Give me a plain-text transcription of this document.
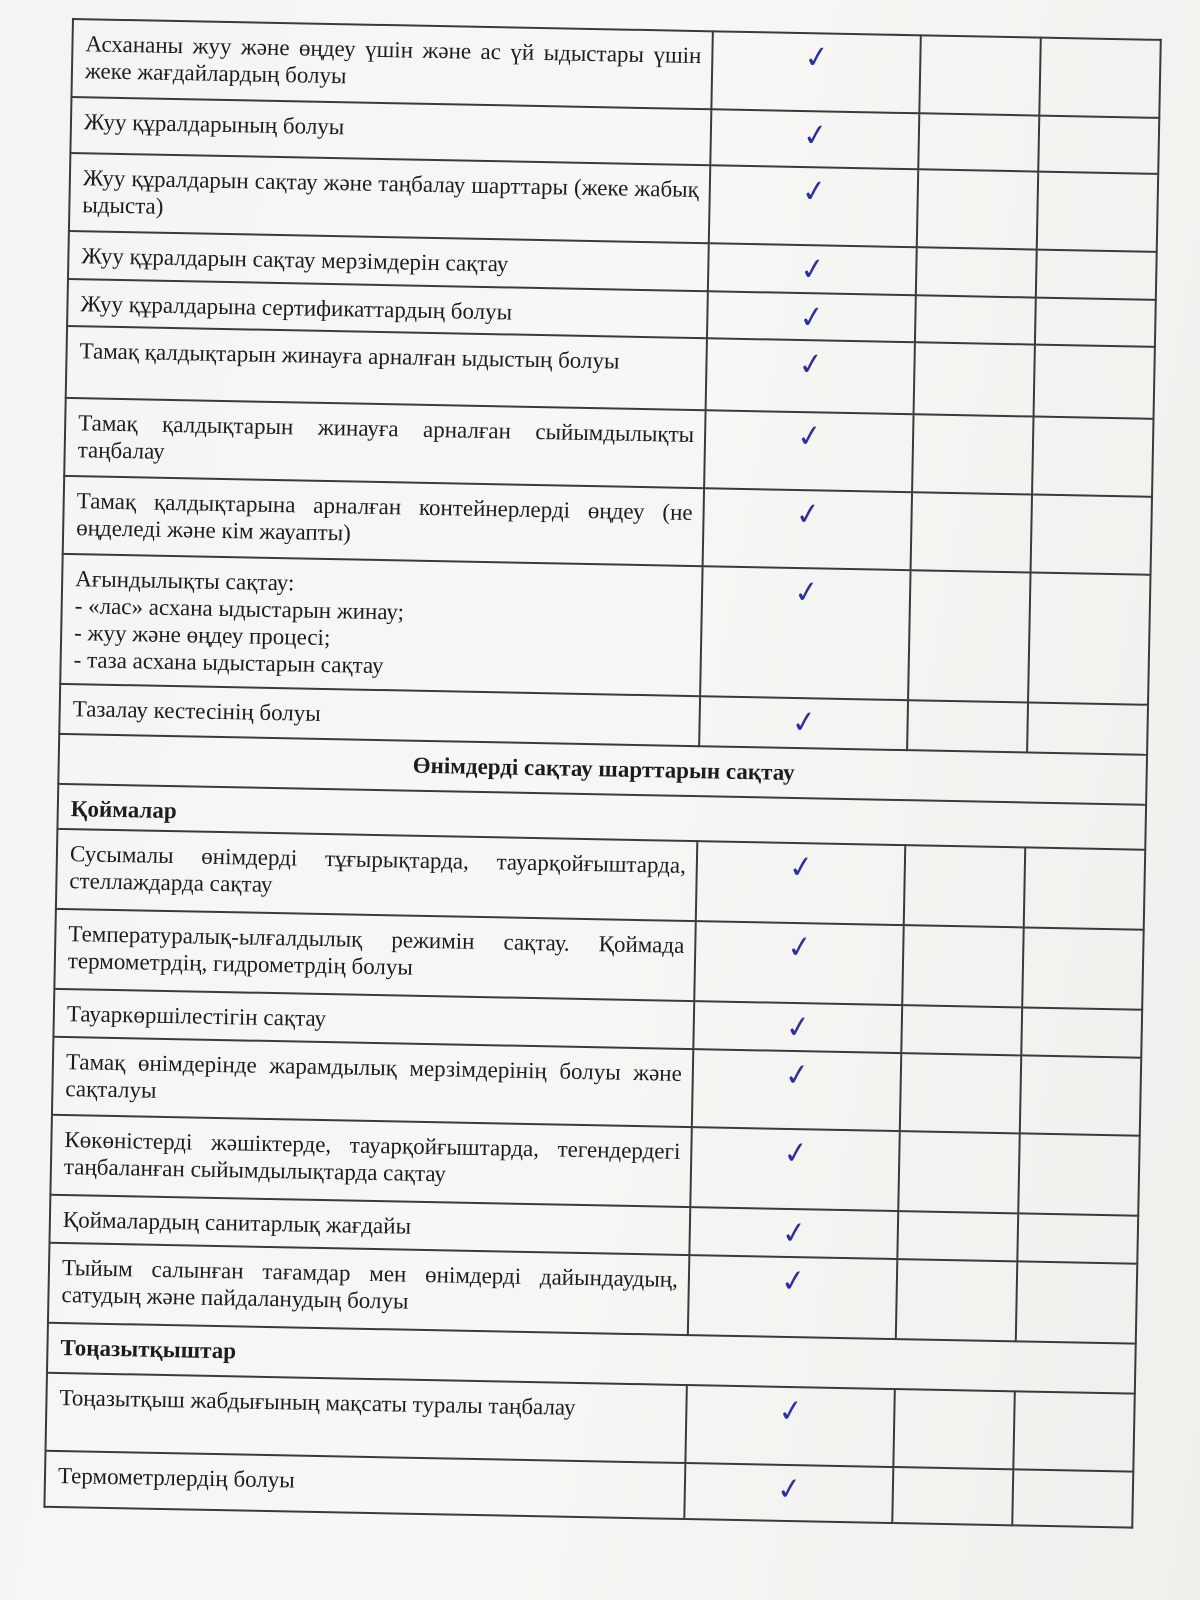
Асхананы жуу және өңдеу үшін және ас үй ыдыстары үшін жеке жағдайлардың болуы	✓		
Жуу құралдарының болуы	✓		
Жуу құралдарын сақтау және таңбалау шарттары (жеке жабық ыдыста)	✓		
Жуу құралдарын сақтау мерзімдерін сақтау	✓		
Жуу құралдарына сертификаттардың болуы	✓		
Тамақ қалдықтарын жинауға арналған ыдыстың болуы	✓		
Тамақ қалдықтарын жинауға арналған сыйымдылықты таңбалау	✓		
Тамақ қалдықтарына арналған контейнерлерді өңдеу (не өңделеді және кім жауапты)	✓		

Ағындылықты сақтау:
- «лас» асхана ыдыстарын жинау;
- жуу және өңдеу процесі;
- таза асхана ыдыстарын сақтау	✓		
Тазалау кестесінің болуы	✓		
Өнімдерді сақтау шарттарын сақтау			
Қоймалар			
Сусымалы өнімдерді тұғырықтарда, тауарқойғыштарда, стеллаждарда сақтау	✓		
Температуралық-ылғалдылық режимін сақтау. Қоймада термометрдің, гидрометрдің болуы	✓		
Тауаркөршілестігін сақтау	✓		
Тамақ өнімдерінде жарамдылық мерзімдерінің болуы және сақталуы	✓		
Көкөністерді жәшіктерде, тауарқойғыштарда, тегендердегі таңбаланған сыйымдылықтарда сақтау	✓		
Қоймалардың санитарлық жағдайы	✓		
Тыйым салынған тағамдар мен өнімдерді дайындаудың, сатудың және пайдаланудың болуы	✓		
Тоңазытқыштар			
Тоңазытқыш жабдығының мақсаты туралы таңбалау	✓		
Термометрлердің болуы	✓		
